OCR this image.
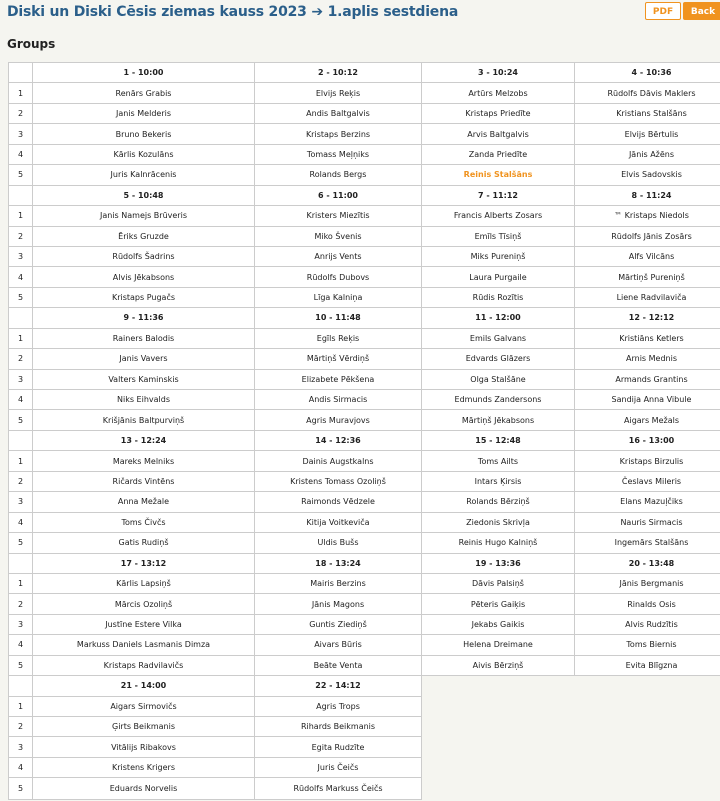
Diski un Diski Cēsis ziemas kauss 2023 ➔ 1.aplis sestdiena	PDF	Back
Groups
	1 - 10:00	2 - 10:12	3 - 10:24	4 - 10:36
1	Renārs Grabis	Elvijs Reķis	Artūrs Melzobs	Rūdolfs Dāvis Maklers
2	Janis Melderis	Andis Baltgalvis	Kristaps Priedīte	Kristians Stalšāns
3	Bruno Bekeris	Kristaps Berzins	Arvis Baltgalvis	Elvijs Bērtulis
4	Kārlis Kozulāns	Tomass Meļņiks	Zanda Priedīte	Jānis Ažēns
5	Juris Kalnrācenis	Rolands Bergs	Reinis Stalšāns	Elvis Sadovskis
	5 - 10:48	6 - 11:00	7 - 11:12	8 - 11:24
1	Janis Namejs Brūveris	Kristers Miezītis	Francis Alberts Zosars	™ Kristaps Niedols
2	Ēriks Gruzde	Miko Švenis	Emīls Tīsiņš	Rūdolfs Jānis Zosārs
3	Rūdolfs Šadrins	Anrijs Vents	Miks Pureniņš	Alfs Vilcāns
4	Alvis Jēkabsons	Rūdolfs Dubovs	Laura Purgaile	Mārtiņš Pureniņš
5	Kristaps Pugačs	Līga Kalniņa	Rūdis Rozītis	Liene Radvilaviča
	9 - 11:36	10 - 11:48	11 - 12:00	12 - 12:12
1	Rainers Balodis	Egīls Reķis	Emils Galvans	Kristiāns Ketlers
2	Janis Vavers	Mārtiņš Vērdiņš	Edvards Glāzers	Arnis Mednis
3	Valters Kaminskis	Elizabete Pēkšena	Olga Stalšāne	Armands Grantins
4	Niks Eihvalds	Andis Sirmacis	Edmunds Zandersons	Sandija Anna Vibule
5	Krišjānis Baltpurviņš	Agris Muravjovs	Mārtiņš Jēkabsons	Aigars Mežals
	13 - 12:24	14 - 12:36	15 - 12:48	16 - 13:00
1	Mareks Melniks	Dainis Augstkalns	Toms Ailts	Kristaps Birzulis
2	Ričards Vintēns	Kristens Tomass Ozoliņš	Intars Ķirsis	Česlavs Mileris
3	Anna Mežale	Raimonds Vēdzele	Rolands Bērziņš	Elans Mazuļčiks
4	Toms Čivčs	Kitija Voitkeviča	Ziedonis Skrivļa	Nauris Sirmacis
5	Gatis Rudiņš	Uldis Bušs	Reinis Hugo Kalniņš	Ingemārs Stalšāns
	17 - 13:12	18 - 13:24	19 - 13:36	20 - 13:48
1	Kārlis Lapsiņš	Mairis Berzins	Dāvis Palsiņš	Jānis Bergmanis
2	Mārcis Ozoliņš	Jānis Magons	Pēteris Gaiķis	Rinalds Osis
3	Justīne Estere Vilka	Guntis Ziediņš	Jekabs Gaikis	Alvis Rudzītis
4	Markuss Daniels Lasmanis Dimza	Aivars Būris	Helena Dreimane	Toms Biernis
5	Kristaps Radvilavičs	Beāte Venta	Aivis Bērziņš	Evita Blīgzna
	21 - 14:00	22 - 14:12		
1	Aigars Sirmovičs	Agris Trops		
2	Ģirts Beikmanis	Rihards Beikmanis		
3	Vitālijs Ribakovs	Egita Rudzīte		
4	Kristens Krigers	Juris Čeičs		
5	Eduards Norvelis	Rūdolfs Markuss Čeičs		
